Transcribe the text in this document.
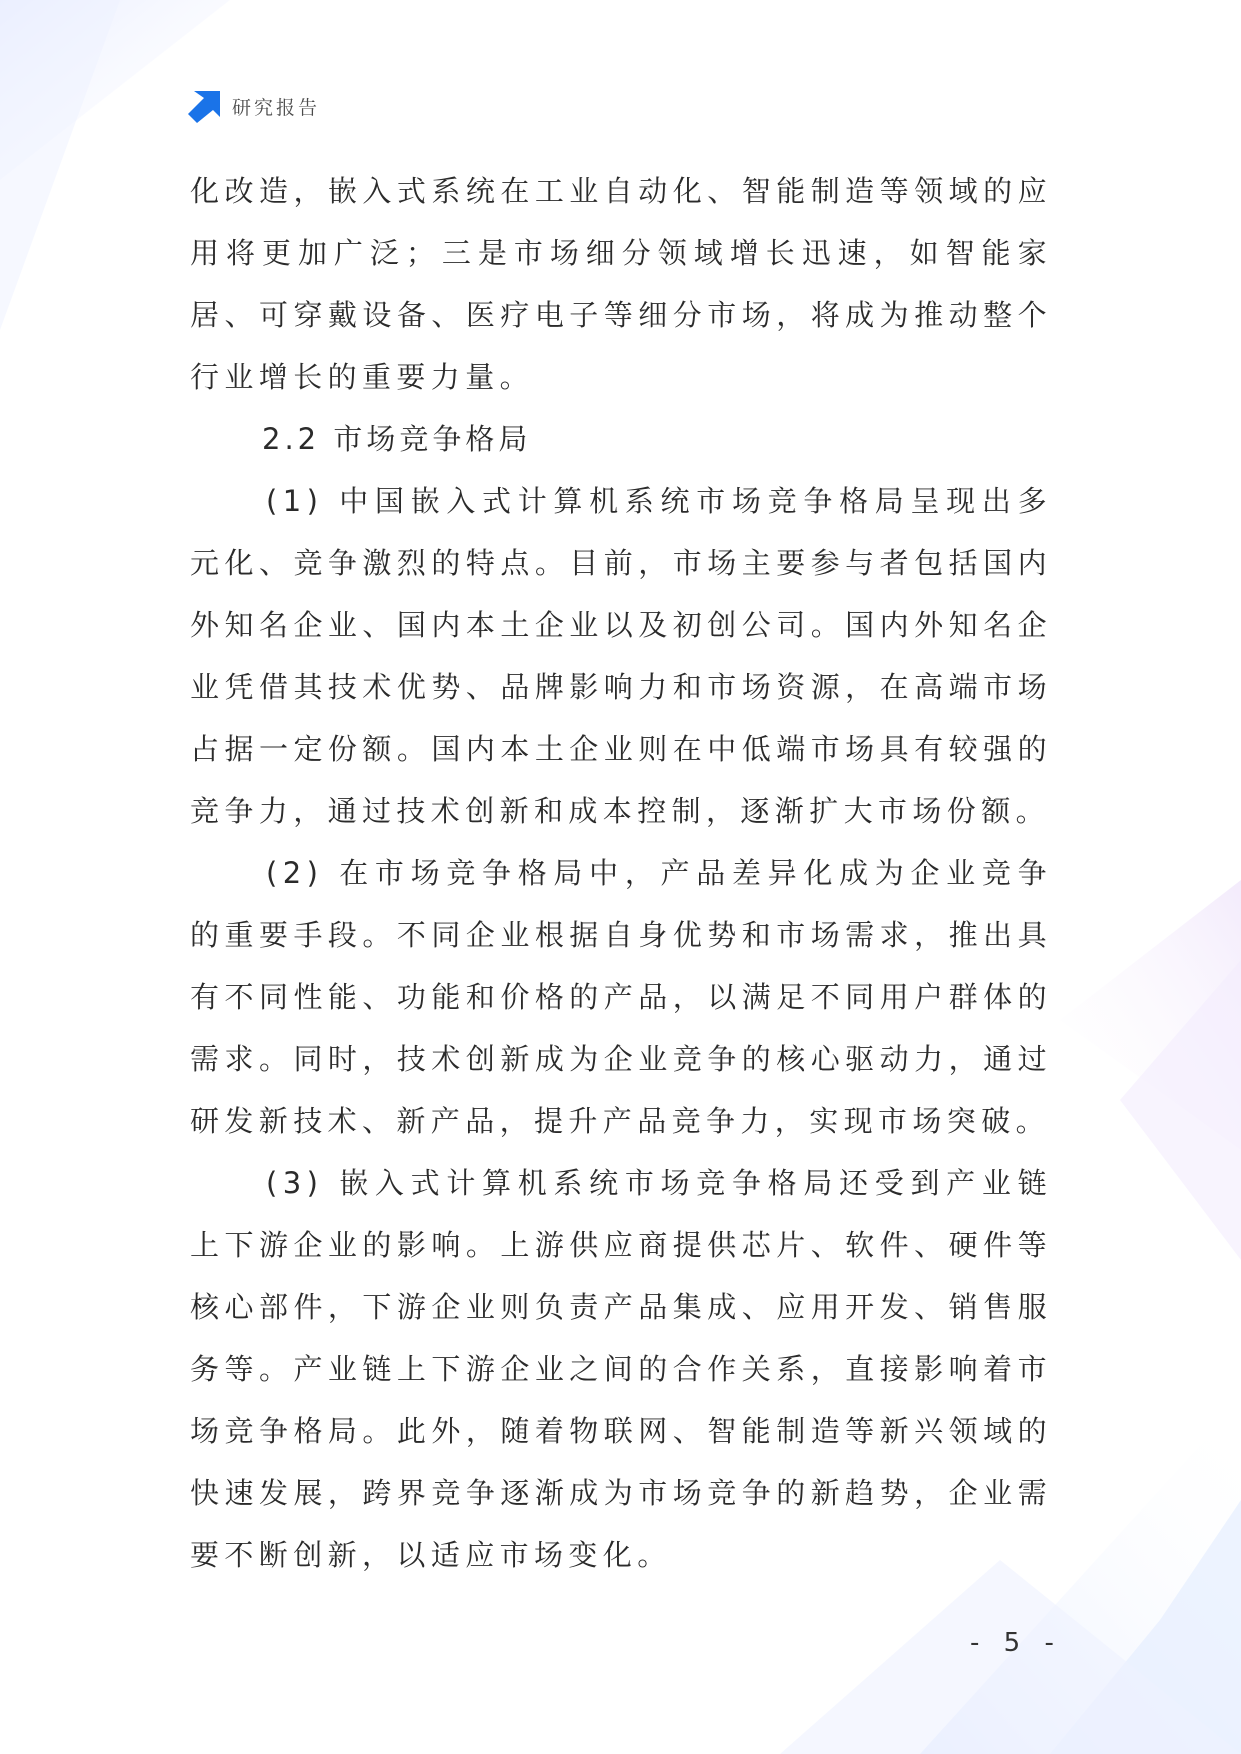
研究报告

化改造，嵌入式系统在工业自动化、智能制造等领域的应用将更加广泛；三是市场细分领域增长迅速，如智能家居、可穿戴设备、医疗电子等细分市场，将成为推动整个行业增长的重要力量。

2.2 市场竞争格局

(1) 中国嵌入式计算机系统市场竞争格局呈现出多元化、竞争激烈的特点。目前，市场主要参与者包括国内外知名企业、国内本土企业以及初创公司。国内外知名企业凭借其技术优势、品牌影响力和市场资源，在高端市场占据一定份额。国内本土企业则在中低端市场具有较强的竞争力，通过技术创新和成本控制，逐渐扩大市场份额。

(2) 在市场竞争格局中，产品差异化成为企业竞争的重要手段。不同企业根据自身优势和市场需求，推出具有不同性能、功能和价格的产品，以满足不同用户群体的需求。同时，技术创新成为企业竞争的核心驱动力，通过研发新技术、新产品，提升产品竞争力，实现市场突破。

(3) 嵌入式计算机系统市场竞争格局还受到产业链上下游企业的影响。上游供应商提供芯片、软件、硬件等核心部件，下游企业则负责产品集成、应用开发、销售服务等。产业链上下游企业之间的合作关系，直接影响着市场竞争格局。此外，随着物联网、智能制造等新兴领域的快速发展，跨界竞争逐渐成为市场竞争的新趋势，企业需要不断创新，以适应市场变化。

- 5 -
